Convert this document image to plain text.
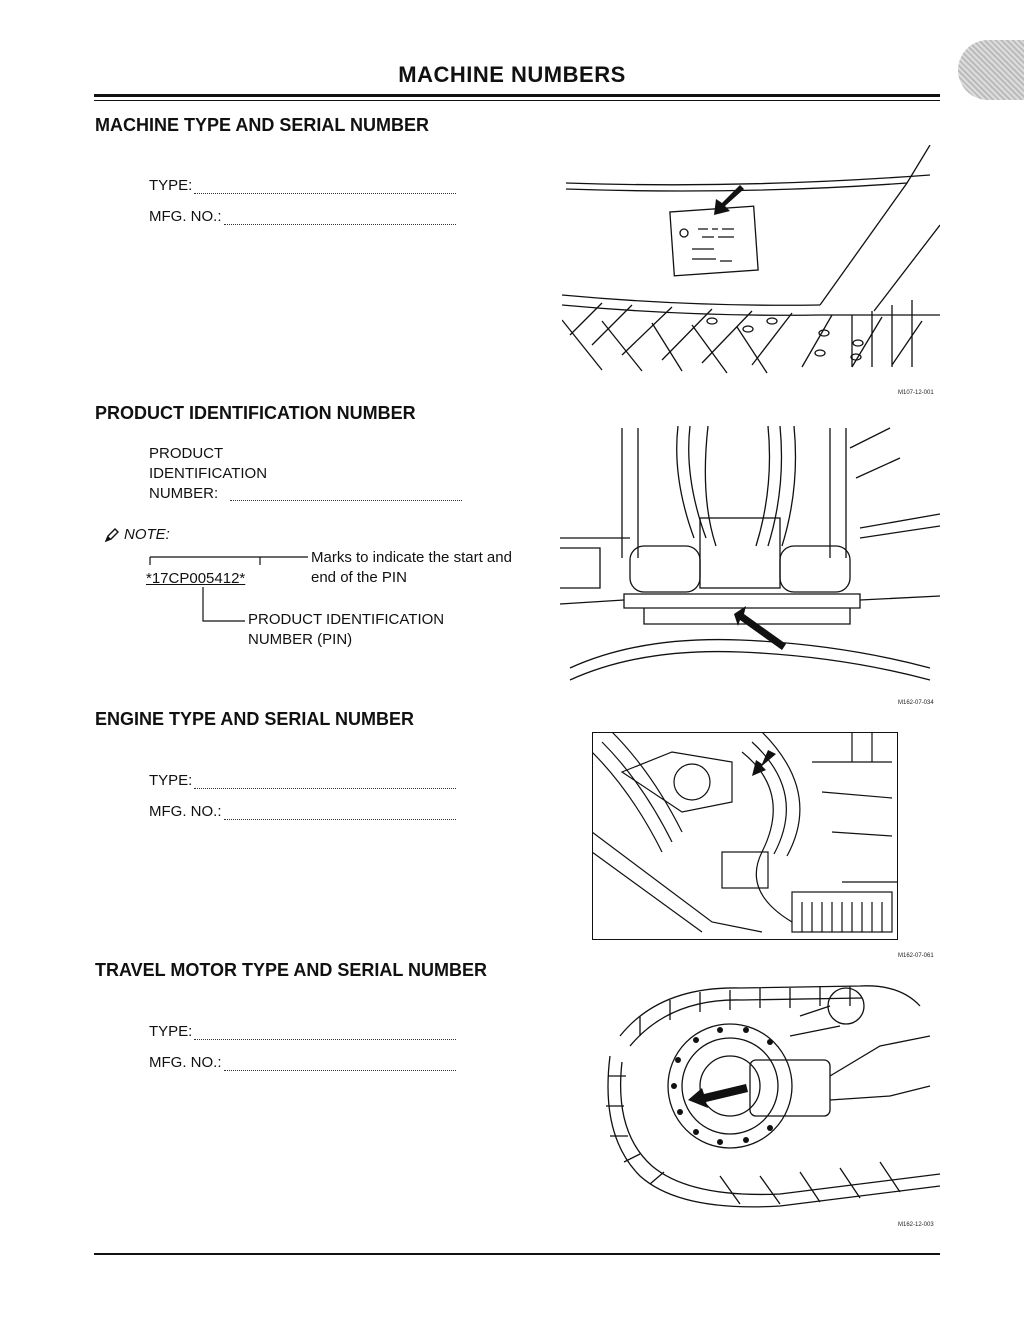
MACHINE NUMBERS
MACHINE TYPE AND SERIAL NUMBER
TYPE:
MFG. NO.:
M107-12-001
PRODUCT IDENTIFICATION NUMBER
PRODUCT
IDENTIFICATION
NUMBER:
NOTE:
*17CP005412*
Marks to indicate the start and
end of the PIN
PRODUCT IDENTIFICATION
NUMBER (PIN)
M162-07-034
ENGINE TYPE AND SERIAL NUMBER
TYPE:
MFG. NO.:
M162-07-061
TRAVEL MOTOR TYPE AND SERIAL NUMBER
TYPE:
MFG. NO.:
M162-12-003
